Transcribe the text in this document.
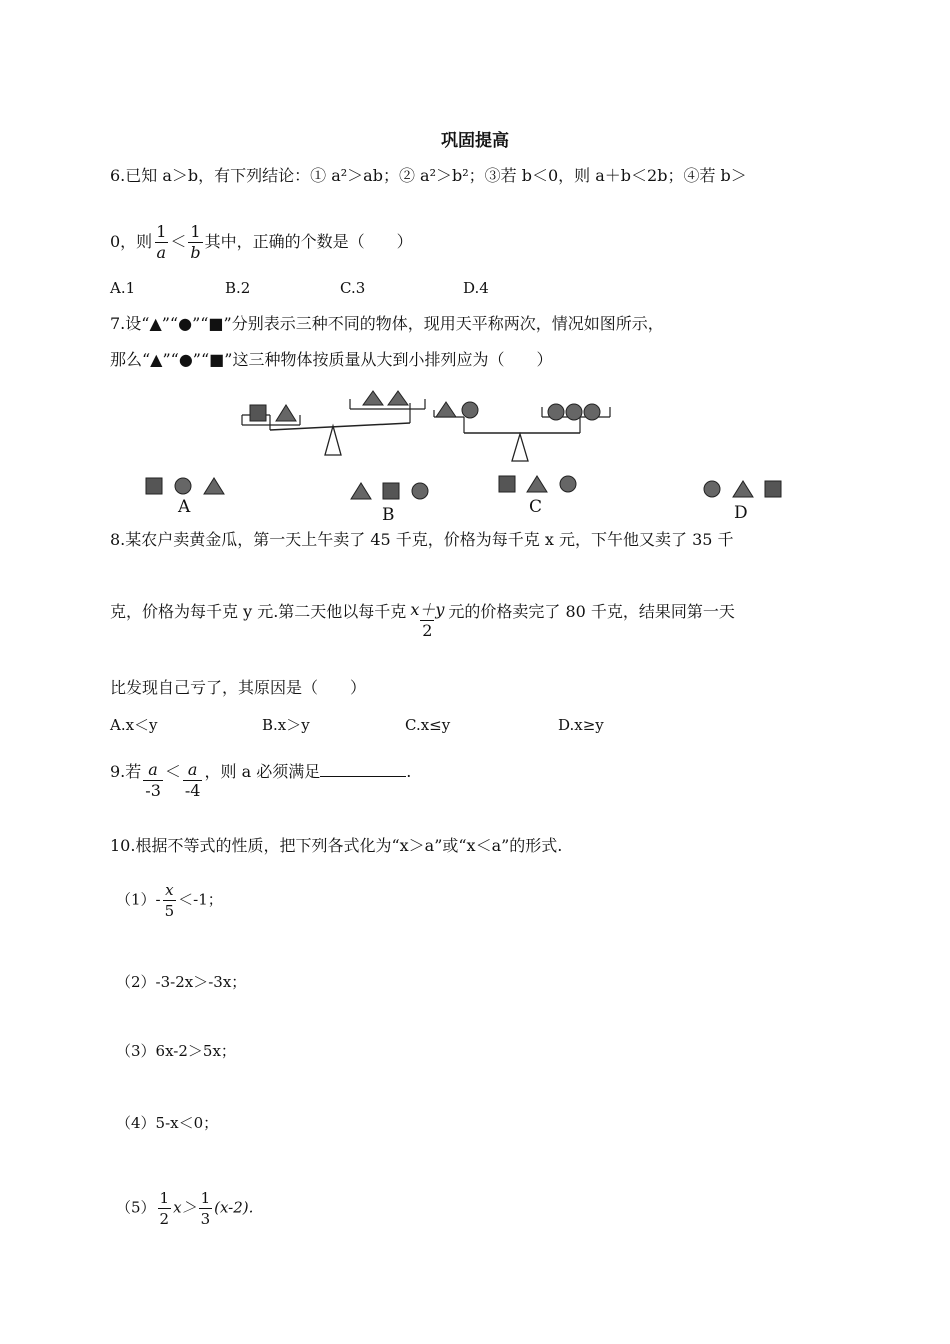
巩固提高
6.已知 a＞b，有下列结论：① a²＞ab；② a²＞b²；③若 b＜0，则 a＋b＜2b；④若 b＞
0，则 $\frac{1}{a} < \frac{1}{b}$ 其中，正确的个数是（　　）
A.1	B.2	C.3	D.4
7.设“▲”“●”“■”分别表示三种不同的物体，现用天平称两次，情况如图所示，
那么“▲”“●”“■”这三种物体按质量从大到小排列应为（　　）
A	B	C	D
8.某农户卖黄金瓜，第一天上午卖了 45 千克，价格为每千克 x 元，下午他又卖了 35 千
克，价格为每千克 y 元.第二天他以每千克 $\frac{x+y}{2}$ 元的价格卖完了 80 千克，结果同第一天
比发现自己亏了，其原因是（　　）
A.x＜y	B.x＞y	C.x≤y	D.x≥y
9.若 $\frac{a}{-3} < \frac{a}{-4}$ ，则 a 必须满足	.
10.根据不等式的性质，把下列各式化为“x＞a”或“x＜a”的形式.
$(1)- \frac{x}{5} <-1$；
（2）-3-2x＞-3x；
（3）6x-2＞5x；
（4）5-x＜0；
$(5) \frac{1}{2} x> \frac{1}{3} (x-2)$.
